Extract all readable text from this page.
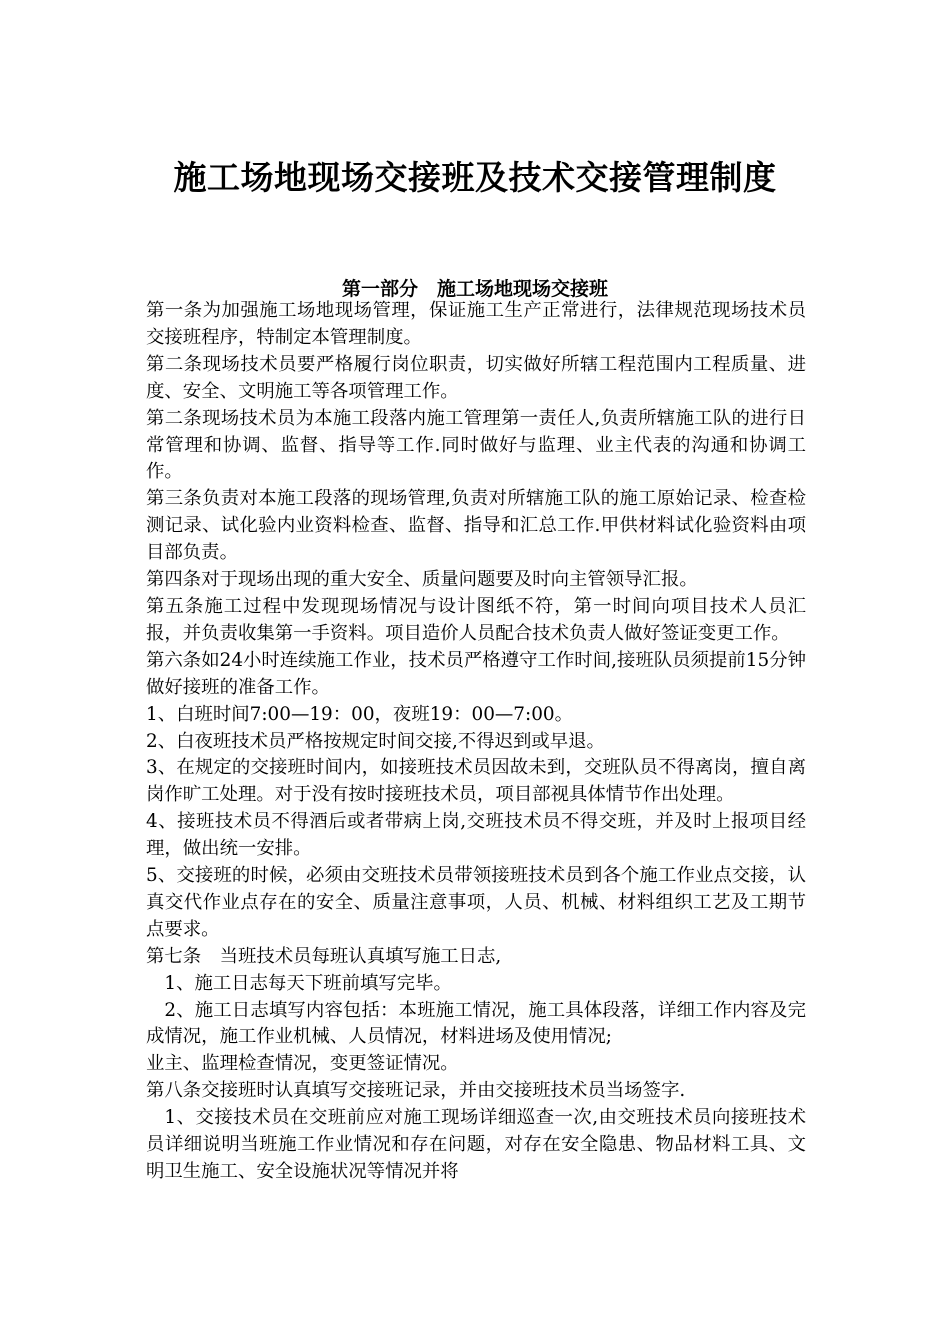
施工场地现场交接班及技术交接管理制度
第一部分　施工场地现场交接班

第一条为加强施工场地现场管理，保证施工生产正常进行，法律规范现场技术员交接班程序，特制定本管理制度。

第二条现场技术员要严格履行岗位职责，切实做好所辖工程范围内工程质量、进度、安全、文明施工等各项管理工作。

第二条现场技术员为本施工段落内施工管理第一责任人,负责所辖施工队的进行日常管理和协调、监督、指导等工作.同时做好与监理、业主代表的沟通和协调工作。

第三条负责对本施工段落的现场管理,负责对所辖施工队的施工原始记录、检查检测记录、试化验内业资料检查、监督、指导和汇总工作.甲供材料试化验资料由项目部负责。

第四条对于现场出现的重大安全、质量问题要及时向主管领导汇报。

第五条施工过程中发现现场情况与设计图纸不符，第一时间向项目技术人员汇报，并负责收集第一手资料。项目造价人员配合技术负责人做好签证变更工作。

第六条如24小时连续施工作业，技术员严格遵守工作时间,接班队员须提前15分钟做好接班的准备工作。

1、白班时间7:00—19：00，夜班19：00—7:00。

2、白夜班技术员严格按规定时间交接,不得迟到或早退。

3、在规定的交接班时间内，如接班技术员因故未到，交班队员不得离岗，擅自离岗作旷工处理。对于没有按时接班技术员，项目部视具体情节作出处理。

4、接班技术员不得酒后或者带病上岗,交班技术员不得交班，并及时上报项目经理，做出统一安排。

5、交接班的时候，必须由交班技术员带领接班技术员到各个施工作业点交接，认真交代作业点存在的安全、质量注意事项，人员、机械、材料组织工艺及工期节点要求。

第七条　当班技术员每班认真填写施工日志,

1、施工日志每天下班前填写完毕。

2、施工日志填写内容包括：本班施工情况，施工具体段落，详细工作内容及完成情况，施工作业机械、人员情况，材料进场及使用情况;

业主、监理检查情况，变更签证情况。

第八条交接班时认真填写交接班记录，并由交接班技术员当场签字.

1、交接技术员在交班前应对施工现场详细巡查一次,由交班技术员向接班技术员详细说明当班施工作业情况和存在问题，对存在安全隐患、物品材料工具、文明卫生施工、安全设施状况等情况并将
